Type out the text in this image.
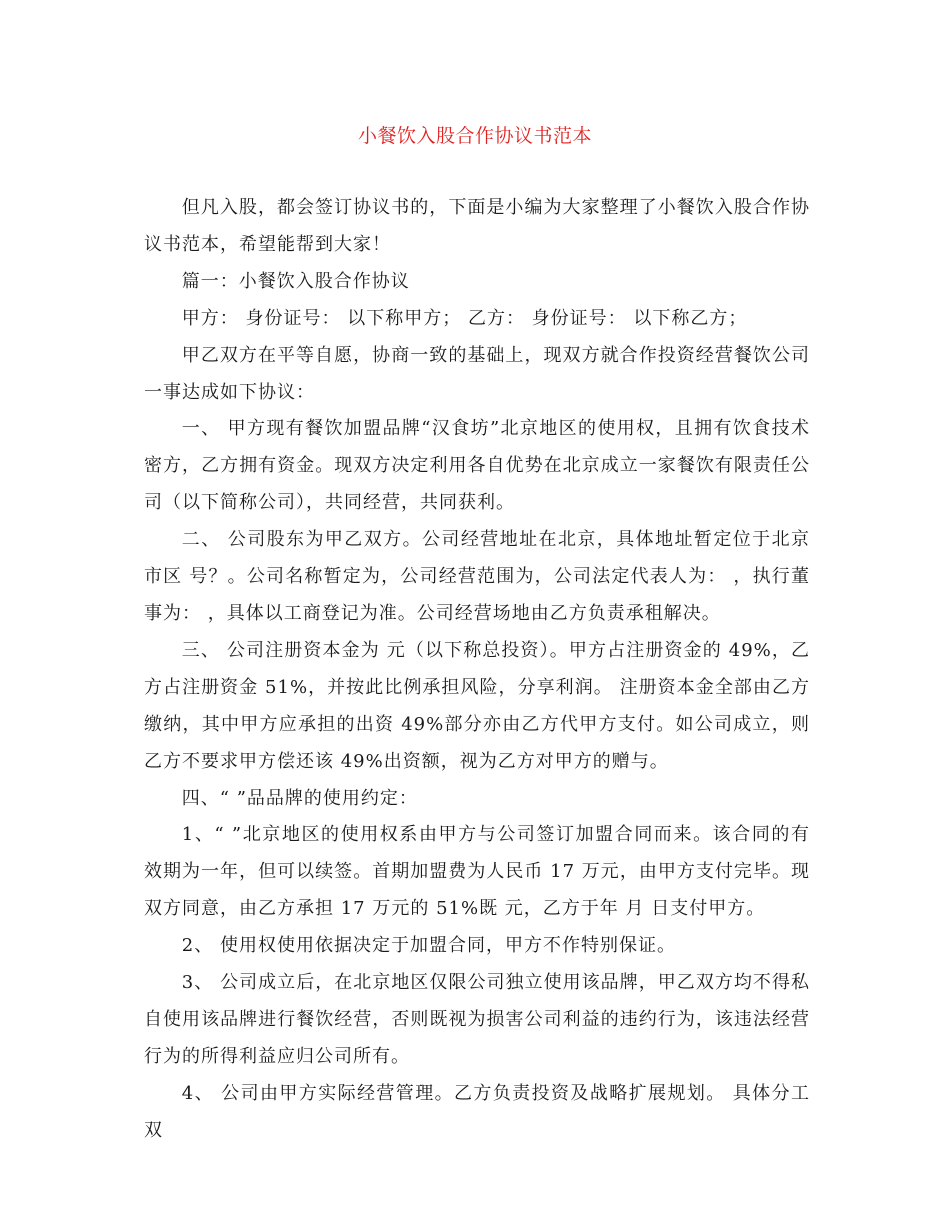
小餐饮入股合作协议书范本

但凡入股，都会签订协议书的，下面是小编为大家整理了小餐饮入股合作协议书范本，希望能帮到大家！

篇一：小餐饮入股合作协议

甲方： 身份证号： 以下称甲方； 乙方： 身份证号： 以下称乙方；

甲乙双方在平等自愿，协商一致的基础上，现双方就合作投资经营餐饮公司一事达成如下协议：

一、 甲方现有餐饮加盟品牌“汉食坊”北京地区的使用权，且拥有饮食技术密方，乙方拥有资金。现双方决定利用各自优势在北京成立一家餐饮有限责任公司（以下简称公司），共同经营，共同获利。

二、 公司股东为甲乙双方。公司经营地址在北京，具体地址暂定位于北京市区 号？。公司名称暂定为，公司经营范围为，公司法定代表人为： ，执行董事为： ，具体以工商登记为准。公司经营场地由乙方负责承租解决。

三、 公司注册资本金为 元（以下称总投资）。甲方占注册资金的 49%，乙方占注册资金 51%，并按此比例承担风险，分享利润。 注册资本金全部由乙方缴纳，其中甲方应承担的出资 49%部分亦由乙方代甲方支付。如公司成立，则乙方不要求甲方偿还该 49%出资额，视为乙方对甲方的赠与。

四、“ ”品品牌的使用约定：

1、“ ”北京地区的使用权系由甲方与公司签订加盟合同而来。该合同的有效期为一年，但可以续签。首期加盟费为人民币 17 万元，由甲方支付完毕。现双方同意，由乙方承担 17 万元的 51%既 元，乙方于年 月 日支付甲方。

2、 使用权使用依据决定于加盟合同，甲方不作特别保证。

3、 公司成立后，在北京地区仅限公司独立使用该品牌，甲乙双方均不得私自使用该品牌进行餐饮经营，否则既视为损害公司利益的违约行为，该违法经营行为的所得利益应归公司所有。

4、 公司由甲方实际经营管理。乙方负责投资及战略扩展规划。 具体分工双
